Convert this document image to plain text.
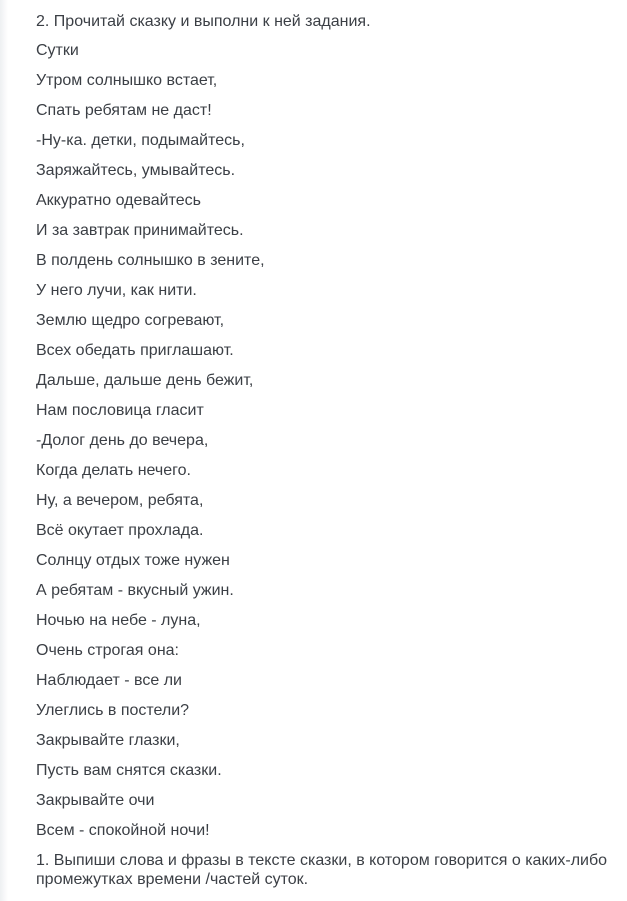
2. Прочитай сказку и выполни к ней задания.
Сутки
Утром солнышко встает,
Спать ребятам не даст!
-Ну-ка. детки, подымайтесь,
Заряжайтесь, умывайтесь.
Аккуратно одевайтесь
И за завтрак принимайтесь.
В полдень солнышко в зените,
У него лучи, как нити.
Землю щедро согревают,
Всех обедать приглашают.
Дальше, дальше день бежит,
Нам пословица гласит
-Долог день до вечера,
Когда делать нечего.
Ну, а вечером, ребята,
Всё окутает прохлада.
Солнцу отдых тоже нужен
А ребятам - вкусный ужин.
Ночью на небе - луна,
Очень строгая она:
Наблюдает - все ли
Улеглись в постели?
Закрывайте глазки,
Пусть вам снятся сказки.
Закрывайте очи
Всем - спокойной ночи!
1. Выпиши слова и фразы в тексте сказки, в котором говорится о каких-либо
промежутках времени /частей суток.
